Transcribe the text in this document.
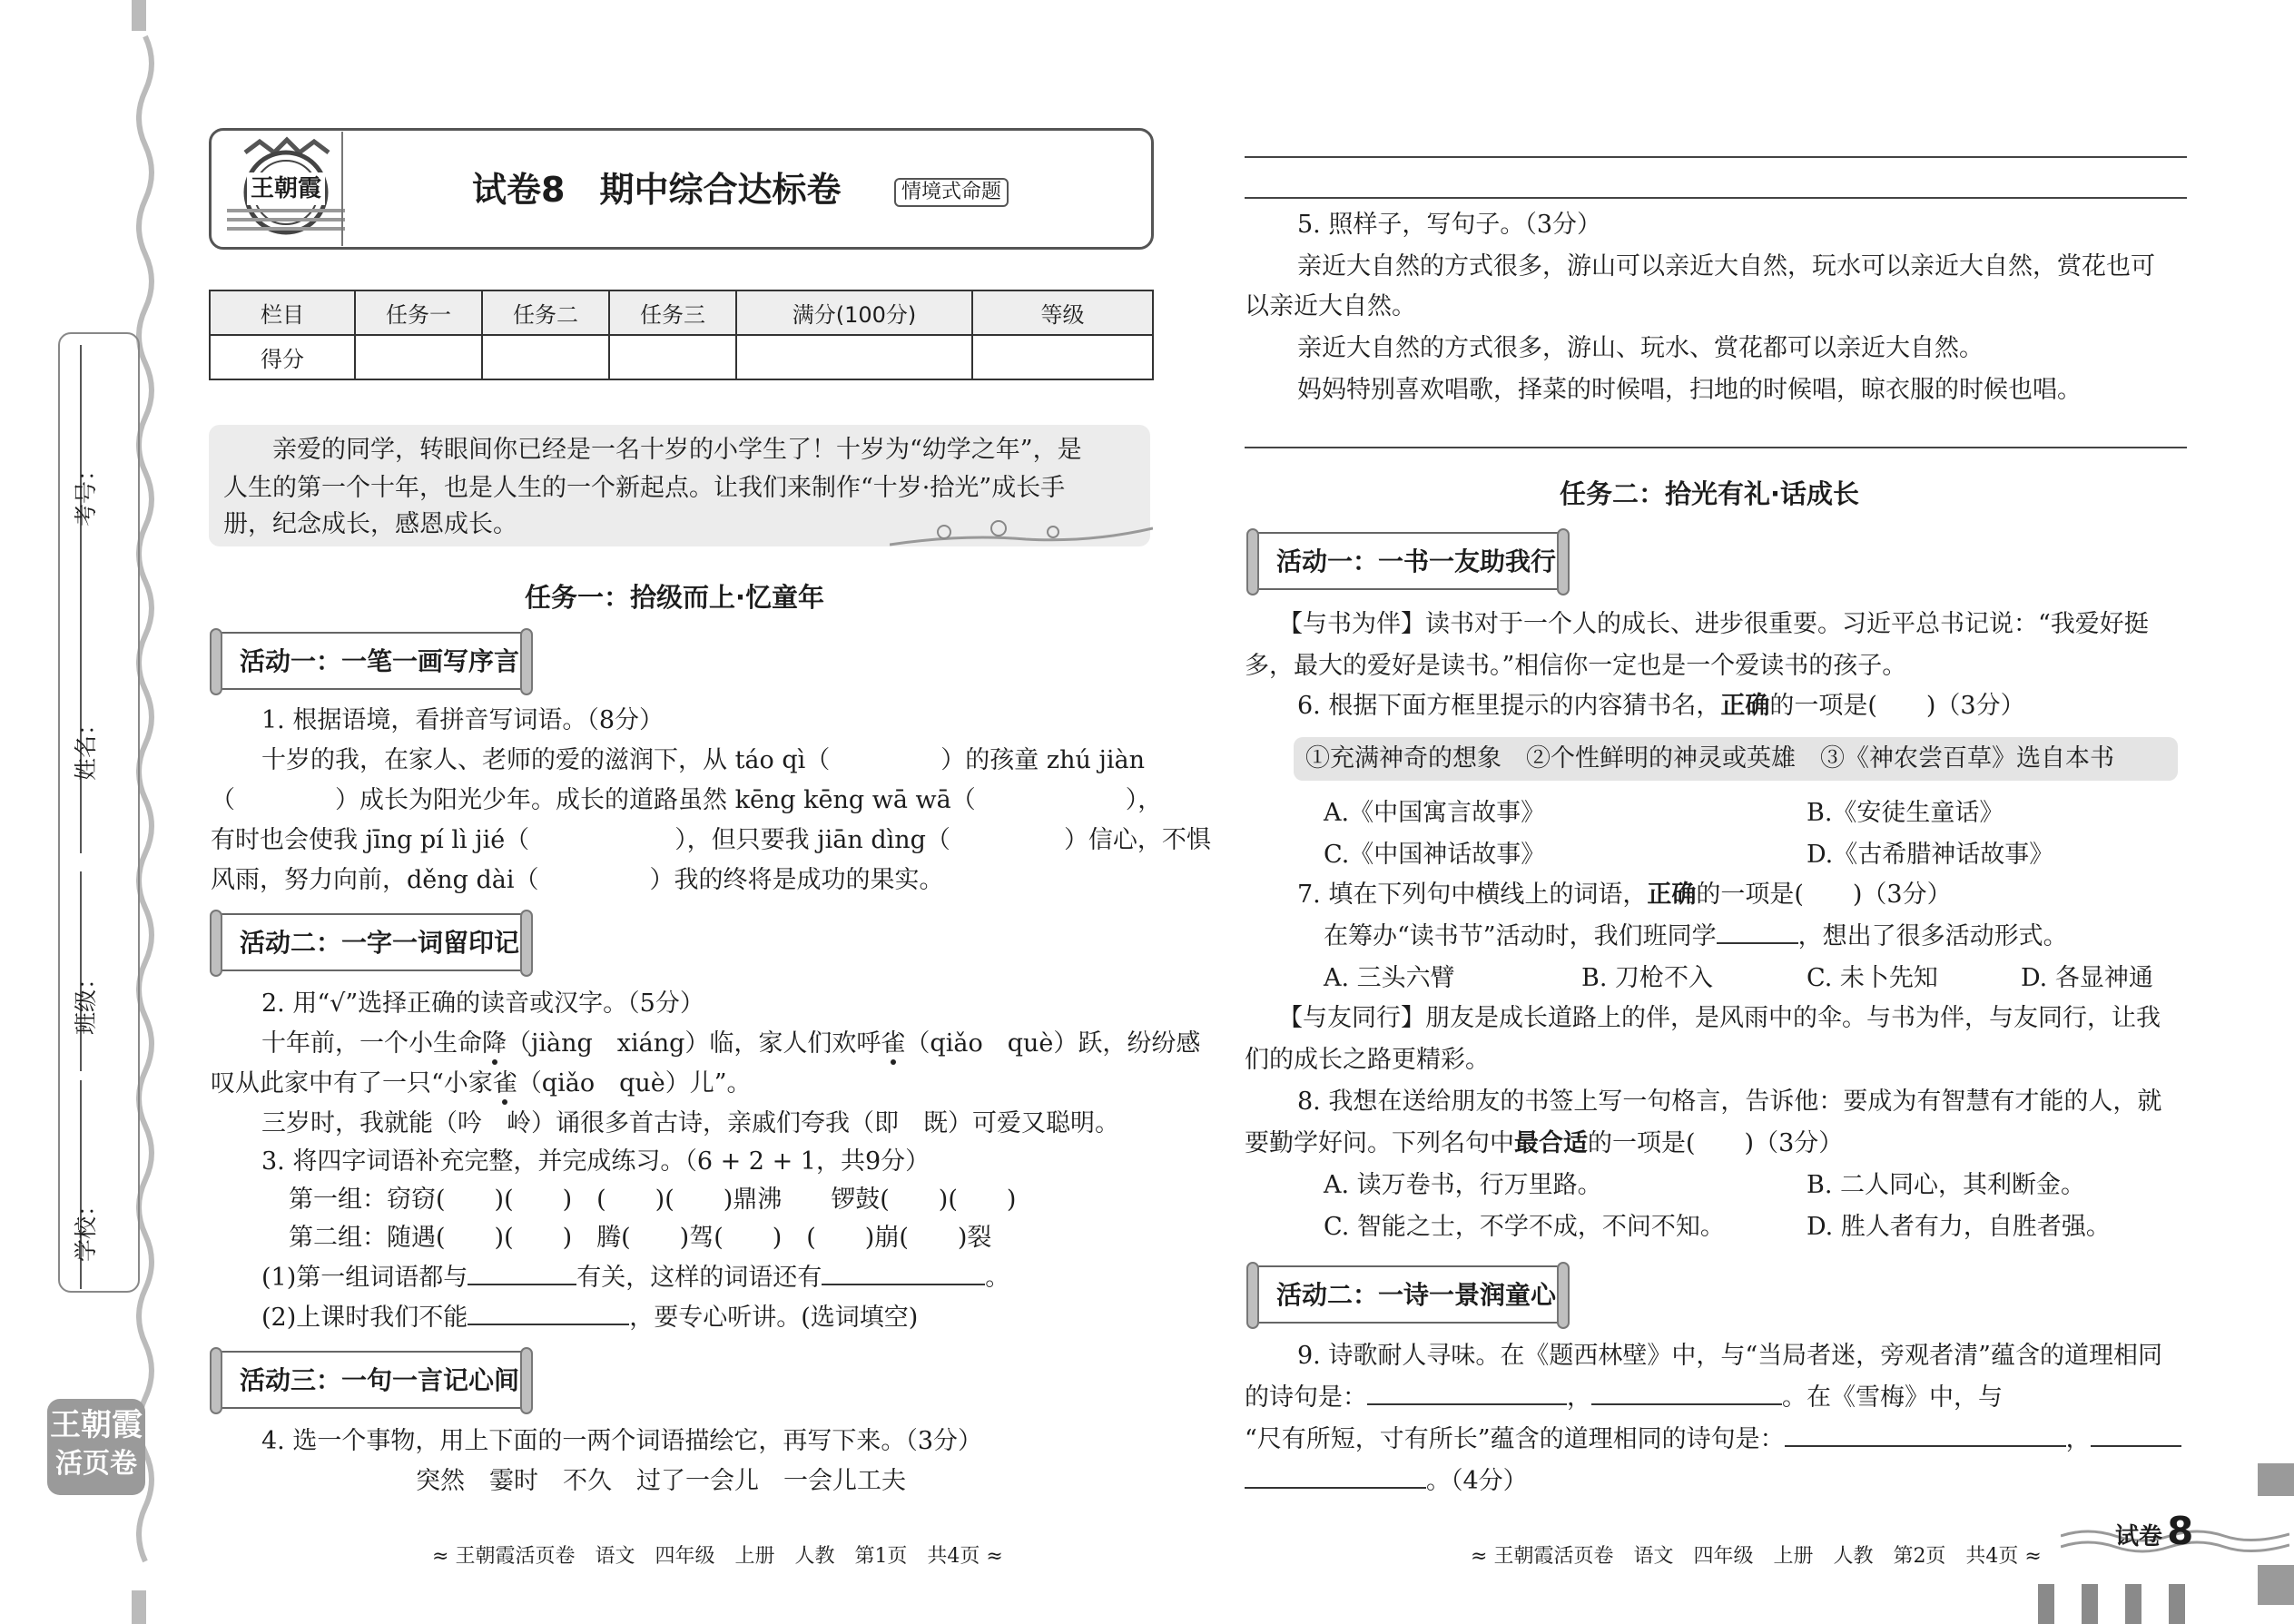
考号：
姓名：
班级：
学校：
王朝霞
活页卷
王朝霞	试卷8　期中综合达标卷	情境式命题
栏目	任务一	任务二	任务三	满分(100分)	等级
得分					
亲爱的同学，转眼间你已经是一名十岁的小学生了！十岁为“幼学之年”，是
人生的第一个十年，也是人生的一个新起点。让我们来制作“十岁·拾光”成长手
册，纪念成长，感恩成长。
任务一：拾级而上·忆童年
活动一：一笔一画写序言
1. 根据语境，看拼音写词语。（8分）
十岁的我，在家人、老师的爱的滋润下，从 táo qì（	）的孩童 zhú jiàn
（	）成长为阳光少年。成长的道路虽然 kēng kēng wā wā（	），
有时也会使我 jīng pí lì jié（	），但只要我 jiān dìng（	）信心，不惧
风雨，努力向前，děng dài（	）我的终将是成功的果实。
活动二：一字一词留印记
2. 用“√”选择正确的读音或汉字。（5分）
十年前，一个小生命降（jiàng　xiáng）临，家人们欢呼雀（qiǎo　què）跃，纷纷感
叹从此家中有了一只“小家雀（qiǎo　què）儿”。
三岁时，我就能（吟　岭）诵很多首古诗，亲戚们夸我（即　既）可爱又聪明。
3. 将四字词语补充完整，并完成练习。（6 + 2 + 1，共9分）
第一组：窃窃(　　)(　　)　(　　)(　　)鼎沸　　锣鼓(　　)(　　)
第二组：随遇(　　)(　　)　腾(　　)驾(　　)　(　　)崩(　　)裂
(1)第一组词语都与	有关，这样的词语还有	。
(2)上课时我们不能	，要专心听讲。(选词填空)
活动三：一句一言记心间
4. 选一个事物，用上下面的一两个词语描绘它，再写下来。（3分）
突然　霎时　不久　过了一会儿　一会儿工夫

≈ 王朝霞活页卷　语文　四年级　上册　人教　第1页　共4页 ≈

5. 照样子，写句子。（3分）
亲近大自然的方式很多，游山可以亲近大自然，玩水可以亲近大自然，赏花也可
以亲近大自然。
亲近大自然的方式很多，游山、玩水、赏花都可以亲近大自然。
妈妈特别喜欢唱歌，择菜的时候唱，扫地的时候唱，晾衣服的时候也唱。
任务二：拾光有礼·话成长
活动一：一书一友助我行
【与书为伴】读书对于一个人的成长、进步很重要。习近平总书记说：“我爱好挺
多，最大的爱好是读书。”相信你一定也是一个爱读书的孩子。
6. 根据下面方框里提示的内容猜书名，正确的一项是(　　)（3分）
①充满神奇的想象　②个性鲜明的神灵或英雄　③《神农尝百草》选自本书
A.《中国寓言故事》	B.《安徒生童话》
C.《中国神话故事》	D.《古希腊神话故事》
7. 填在下列句中横线上的词语，正确的一项是(　　)（3分）
在筹办“读书节”活动时，我们班同学	，想出了很多活动形式。
A. 三头六臂	B. 刀枪不入	C. 未卜先知	D. 各显神通
【与友同行】朋友是成长道路上的伴，是风雨中的伞。与书为伴，与友同行，让我
们的成长之路更精彩。
8. 我想在送给朋友的书签上写一句格言，告诉他：要成为有智慧有才能的人，就
要勤学好问。下列名句中最合适的一项是(　　)（3分）
A. 读万卷书，行万里路。	B. 二人同心，其利断金。
C. 智能之士，不学不成，不问不知。	D. 胜人者有力，自胜者强。
活动二：一诗一景润童心
9. 诗歌耐人寻味。在《题西林壁》中，与“当局者迷，旁观者清”蕴含的道理相同
的诗句是：	，	。在《雪梅》中，与
“尺有所短，寸有所长”蕴含的道理相同的诗句是：	，
。（4分）

≈ 王朝霞活页卷　语文　四年级　上册　人教　第2页　共4页 ≈

试卷 8
